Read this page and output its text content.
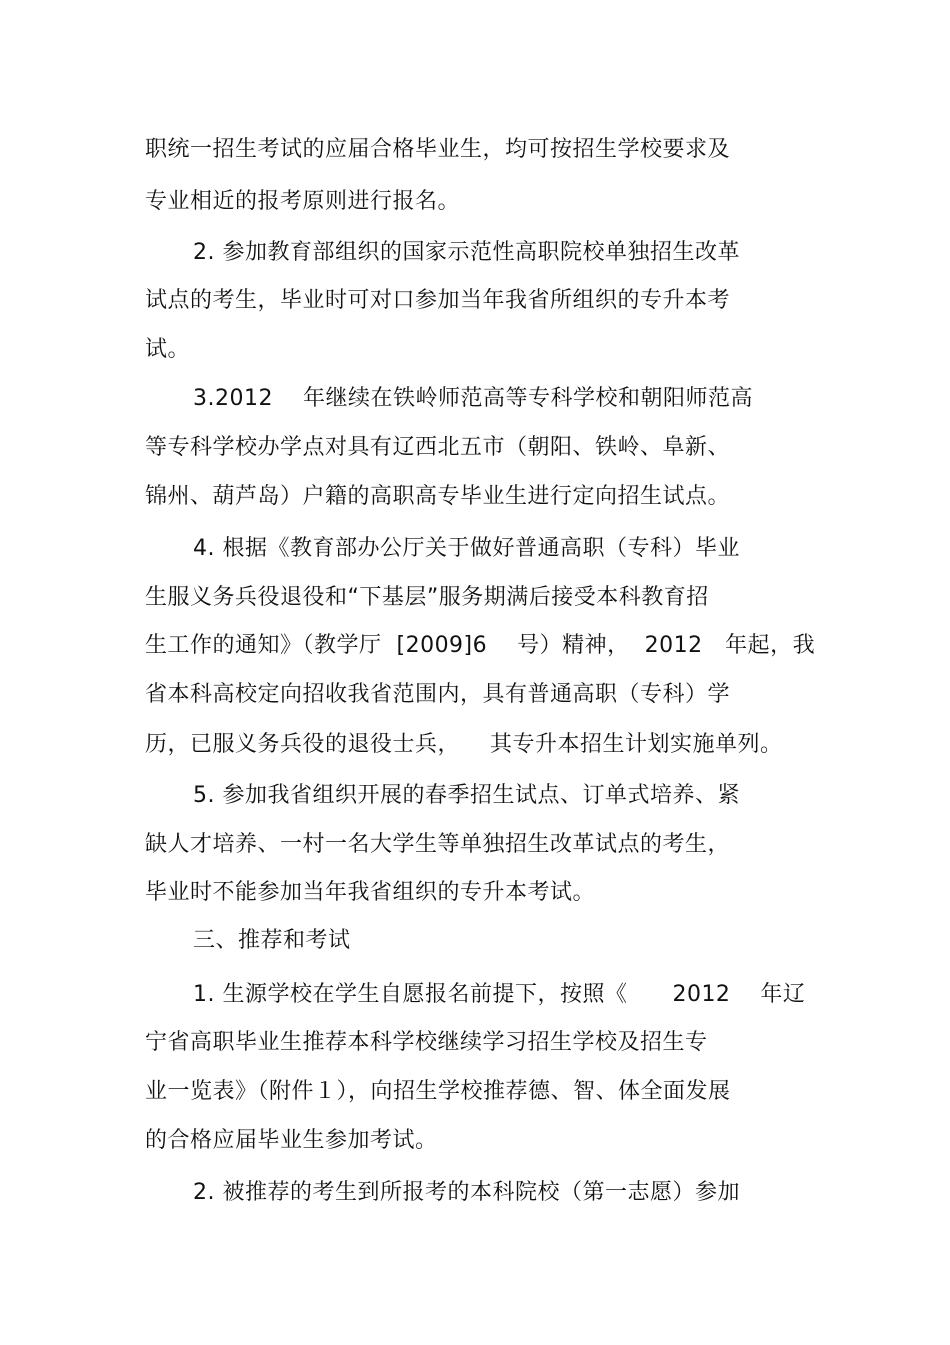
职统一招生考试的应届合格毕业生，均可按招生学校要求及
专业相近的报考原则进行报名。
2. 参加教育部组织的国家示范性高职院校单独招生改革
试点的考生，毕业时可对口参加当年我省所组织的专升本考
试。
3.2012    年继续在铁岭师范高等专科学校和朝阳师范高
等专科学校办学点对具有辽西北五市（朝阳、铁岭、阜新、
锦州、葫芦岛）户籍的高职高专毕业生进行定向招生试点。
4. 根据《教育部办公厅关于做好普通高职（专科）毕业
生服义务兵役退役和“下基层”服务期满后接受本科教育招
生工作的通知》（教学厅  [2009]6    号）精神，  2012   年起，我
省本科高校定向招收我省范围内，具有普通高职（专科）学
历，已服义务兵役的退役士兵，    其专升本招生计划实施单列。
5. 参加我省组织开展的春季招生试点、订单式培养、紧
缺人才培养、一村一名大学生等单独招生改革试点的考生，
毕业时不能参加当年我省组织的专升本考试。
三、推荐和考试
1. 生源学校在学生自愿报名前提下，按照《      2012    年辽
宁省高职毕业生推荐本科学校继续学习招生学校及招生专
业一览表》（附件１），向招生学校推荐德、智、体全面发展
的合格应届毕业生参加考试。
2. 被推荐的考生到所报考的本科院校（第一志愿）参加
